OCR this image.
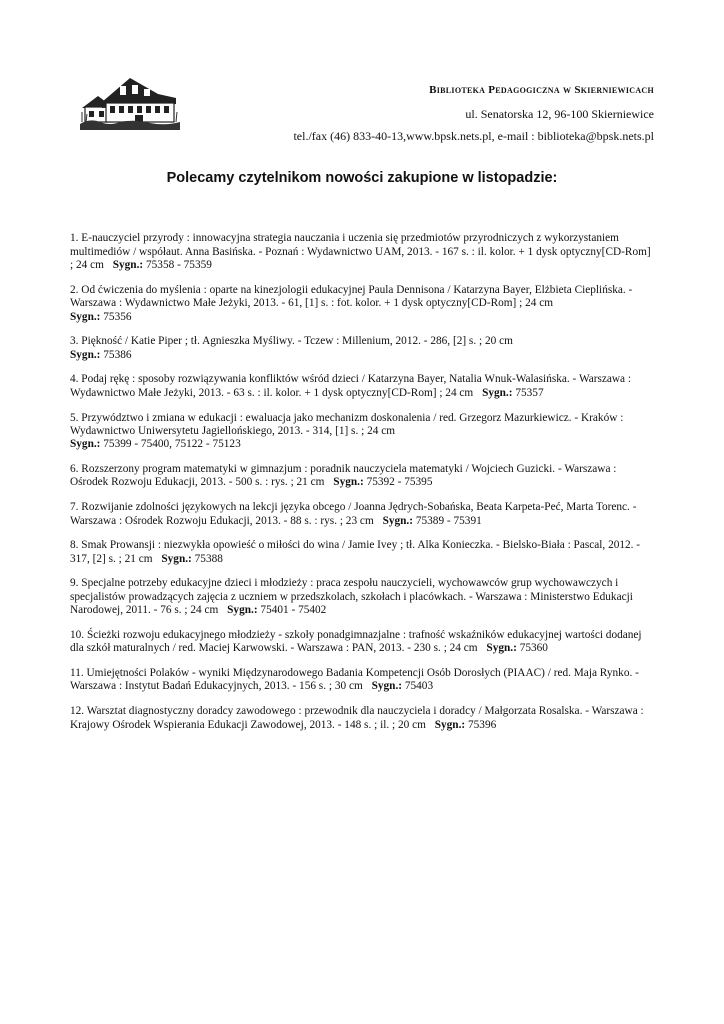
Biblioteka Pedagogiczna w Skierniewicach
ul. Senatorska 12, 96-100 Skierniewice
tel./fax (46) 833-40-13,www.bpsk.nets.pl, e-mail : biblioteka@bpsk.nets.pl
Polecamy czytelnikom nowości zakupione w listopadzie:

1. E-nauczyciel przyrody : innowacyjna strategia nauczania i uczenia się przedmiotów przyrodniczych z wykorzystaniem multimediów / współaut. Anna Basińska. - Poznań : Wydawnictwo UAM, 2013. - 167 s. : il. kolor. + 1 dysk optyczny[CD-Rom] ; 24 cm Sygn.: 75358 - 75359

2. Od ćwiczenia do myślenia : oparte na kinezjologii edukacyjnej Paula Dennisona / Katarzyna Bayer, Elżbieta Cieplińska. - Warszawa : Wydawnictwo Małe Jeżyki, 2013. - 61, [1] s. : fot. kolor. + 1 dysk optyczny[CD-Rom] ; 24 cm
Sygn.: 75356

3. Piękność / Katie Piper ; tł. Agnieszka Myśliwy. - Tczew : Millenium, 2012. - 286, [2] s. ; 20 cm
Sygn.: 75386

4. Podaj rękę : sposoby rozwiązywania konfliktów wśród dzieci / Katarzyna Bayer, Natalia Wnuk-Walasińska. - Warszawa : Wydawnictwo Małe Jeżyki, 2013. - 63 s. : il. kolor. + 1 dysk optyczny[CD-Rom] ; 24 cm Sygn.: 75357

5. Przywództwo i zmiana w edukacji : ewaluacja jako mechanizm doskonalenia / red. Grzegorz Mazurkiewicz. - Kraków : Wydawnictwo Uniwersytetu Jagiellońskiego, 2013. - 314, [1] s. ; 24 cm
Sygn.: 75399 - 75400, 75122 - 75123

6. Rozszerzony program matematyki w gimnazjum : poradnik nauczyciela matematyki / Wojciech Guzicki. - Warszawa : Ośrodek Rozwoju Edukacji, 2013. - 500 s. : rys. ; 21 cm Sygn.: 75392 - 75395

7. Rozwijanie zdolności językowych na lekcji języka obcego / Joanna Jędrych-Sobańska, Beata Karpeta-Peć, Marta Torenc. - Warszawa : Ośrodek Rozwoju Edukacji, 2013. - 88 s. : rys. ; 23 cm Sygn.: 75389 - 75391

8. Smak Prowansji : niezwykła opowieść o miłości do wina / Jamie Ivey ; tł. Alka Konieczka. - Bielsko-Biała : Pascal, 2012. - 317, [2] s. ; 21 cm Sygn.: 75388

9. Specjalne potrzeby edukacyjne dzieci i młodzieży : praca zespołu nauczycieli, wychowawców grup wychowawczych i specjalistów prowadzących zajęcia z uczniem w przedszkolach, szkołach i placówkach. - Warszawa : Ministerstwo Edukacji Narodowej, 2011. - 76 s. ; 24 cm Sygn.: 75401 - 75402

10. Ścieżki rozwoju edukacyjnego młodzieży - szkoły ponadgimnazjalne : trafność wskaźników edukacyjnej wartości dodanej dla szkół maturalnych / red. Maciej Karwowski. - Warszawa : PAN, 2013. - 230 s. ; 24 cm Sygn.: 75360

11. Umiejętności Polaków - wyniki Międzynarodowego Badania Kompetencji Osób Dorosłych (PIAAC) / red. Maja Rynko. - Warszawa : Instytut Badań Edukacyjnych, 2013. - 156 s. ; 30 cm Sygn.: 75403

12. Warsztat diagnostyczny doradcy zawodowego : przewodnik dla nauczyciela i doradcy / Małgorzata Rosalska. - Warszawa : Krajowy Ośrodek Wspierania Edukacji Zawodowej, 2013. - 148 s. ; il. ; 20 cm Sygn.: 75396
